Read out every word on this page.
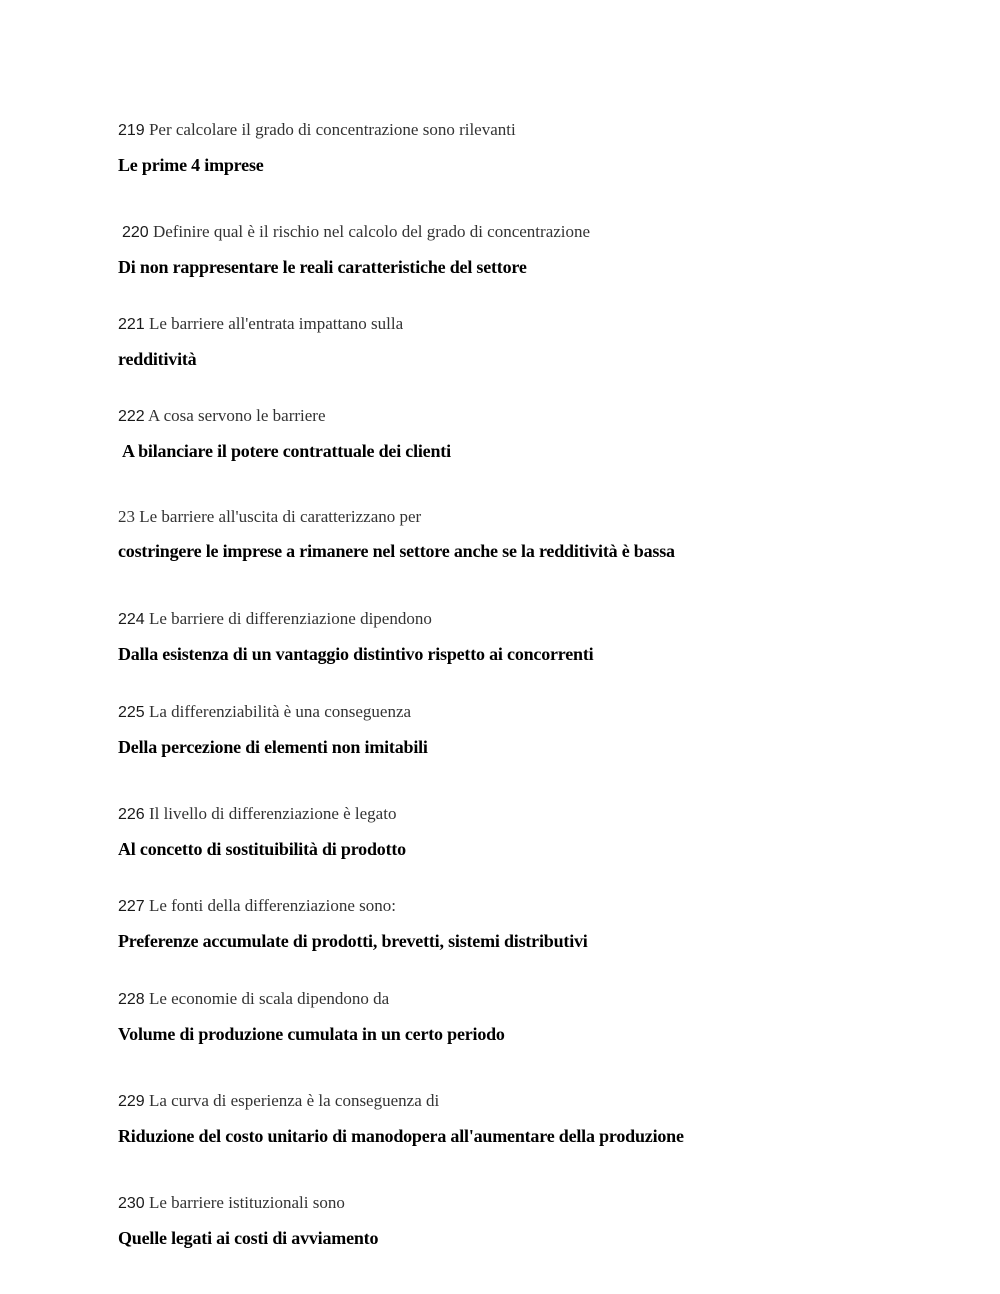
219 Per calcolare il grado di concentrazione sono rilevanti
Le prime 4 imprese
220 Definire qual è il rischio nel calcolo del grado di concentrazione
Di non rappresentare le reali caratteristiche del settore
221 Le barriere all'entrata impattano sulla
redditività
222 A cosa servono le barriere
A bilanciare il potere contrattuale dei clienti
23 Le barriere all'uscita di caratterizzano per
costringere le imprese a rimanere nel settore anche se la redditività è bassa
224 Le barriere di differenziazione dipendono
Dalla esistenza di un vantaggio distintivo rispetto ai concorrenti
225 La differenziabilità è una conseguenza
Della percezione di elementi non imitabili
226 Il livello di differenziazione è legato
Al concetto di sostituibilità di prodotto
227 Le fonti della differenziazione sono:
Preferenze accumulate di prodotti, brevetti, sistemi distributivi
228 Le economie di scala dipendono da
Volume di produzione cumulata in un certo periodo
229 La curva di esperienza è la conseguenza di
Riduzione del costo unitario di manodopera all'aumentare della produzione
230 Le barriere istituzionali sono
Quelle legati ai costi di avviamento
